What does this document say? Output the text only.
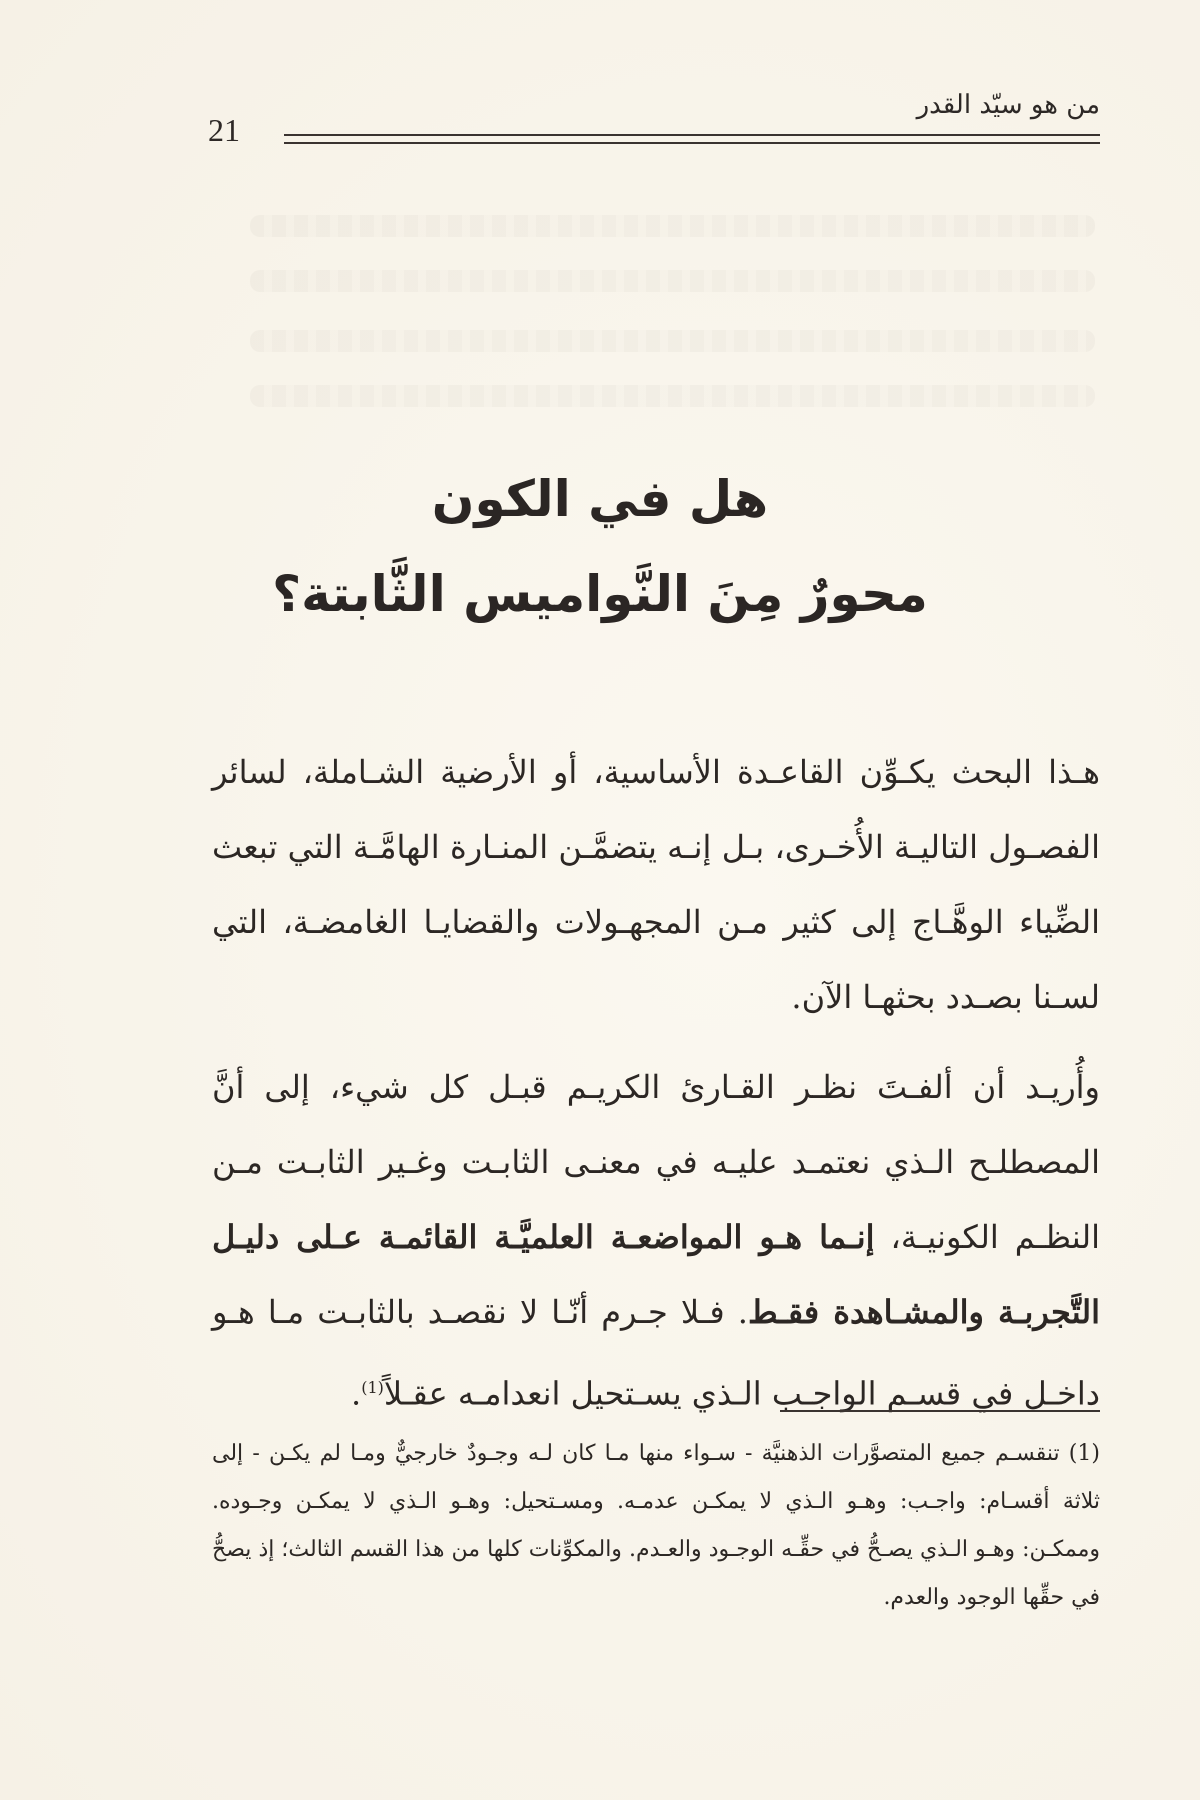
من هو سيّد القدر
21
هل في الكون
محورٌ مِنَ النَّواميس الثَّابتة؟

هـذا البحث يكـوِّن القاعـدة الأساسية، أو الأرضية الشـاملة، لسائر الفصـول التاليـة الأُخـرى، بـل إنـه يتضمَّـن المنـارة الهامَّـة التي تبعث الضِّياء الوهَّـاج إلى كثير مـن المجهـولات والقضايـا الغامضـة، التي لسـنا بصـدد بحثهـا الآن.

وأُريـد أن ألفـتَ نظـر القـارئ الكريـم قبـل كل شيء، إلى أنَّ المصطلـح الـذي نعتمـد عليـه في معنـى الثابـت وغـير الثابـت مـن النظـم الكونيـة، إنـما هـو المواضعـة العلميَّـة القائمـة عـلى دليـل التَّجربـة والمشـاهدة فقـط. فـلا جـرم أنّـا لا نقصـد بالثابـت مـا هـو داخـل في قسـم الواجـب الـذي يسـتحيل انعدامـه عقـلاً$^{(1)}$.

(1) تنقسـم جميع المتصوَّرات الذهنيَّة - سـواء منها مـا كان لـه وجـودٌ خارجيٌّ ومـا لم يكـن - إلى ثلاثة أقسـام: واجـب: وهـو الـذي لا يمكـن عدمـه. ومسـتحيل: وهـو الـذي لا يمكـن وجـوده. وممكـن: وهـو الـذي يصـحُّ في حقِّـه الوجـود والعـدم. والمكوِّنات كلها من هذا القسم الثالث؛ إذ يصحُّ في حقِّها الوجود والعدم.
